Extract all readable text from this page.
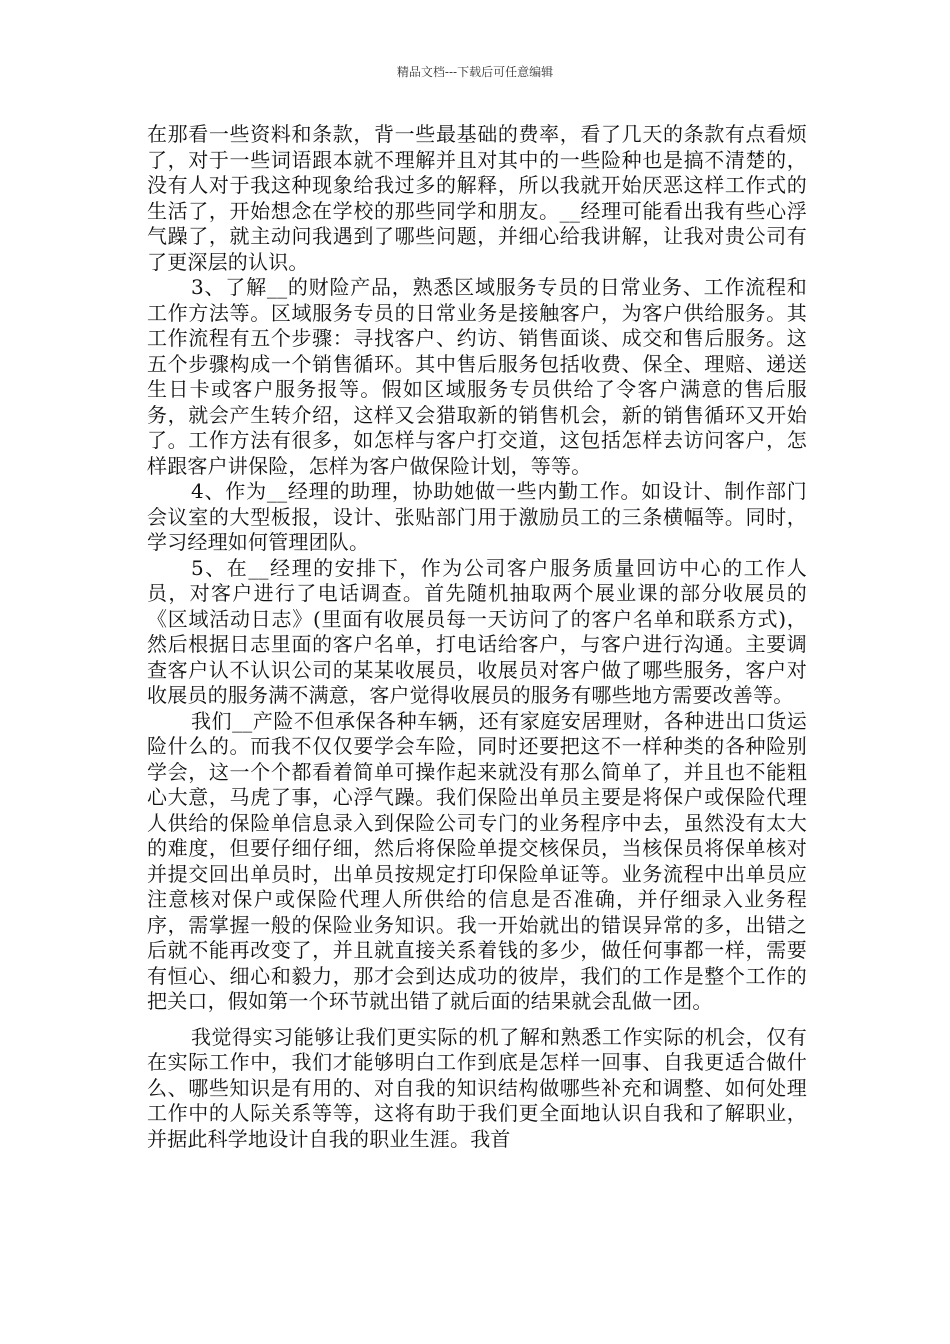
精品文档---下载后可任意编辑

在那看一些资料和条款，背一些最基础的费率，看了几天的条款有点看烦了，对于一些词语跟本就不理解并且对其中的一些险种也是搞不清楚的，没有人对于我这种现象给我过多的解释，所以我就开始厌恶这样工作式的生活了，开始想念在学校的那些同学和朋友。__经理可能看出我有些心浮气躁了，就主动问我遇到了哪些问题，并细心给我讲解，让我对贵公司有了更深层的认识。

3、了解__的财险产品，熟悉区域服务专员的日常业务、工作流程和工作方法等。区域服务专员的日常业务是接触客户，为客户供给服务。其工作流程有五个步骤：寻找客户、约访、销售面谈、成交和售后服务。这五个步骤构成一个销售循环。其中售后服务包括收费、保全、理赔、递送生日卡或客户服务报等。假如区域服务专员供给了令客户满意的售后服务，就会产生转介绍，这样又会猎取新的销售机会，新的销售循环又开始了。工作方法有很多，如怎样与客户打交道，这包括怎样去访问客户，怎样跟客户讲保险，怎样为客户做保险计划，等等。

4、作为__经理的助理，协助她做一些内勤工作。如设计、制作部门会议室的大型板报，设计、张贴部门用于激励员工的三条横幅等。同时，学习经理如何管理团队。

5、在__经理的安排下，作为公司客户服务质量回访中心的工作人员，对客户进行了电话调查。首先随机抽取两个展业课的部分收展员的《区域活动日志》(里面有收展员每一天访问了的客户名单和联系方式)，然后根据日志里面的客户名单，打电话给客户，与客户进行沟通。主要调查客户认不认识公司的某某收展员，收展员对客户做了哪些服务，客户对收展员的服务满不满意，客户觉得收展员的服务有哪些地方需要改善等。

我们__产险不但承保各种车辆，还有家庭安居理财，各种进出口货运险什么的。而我不仅仅要学会车险，同时还要把这不一样种类的各种险别学会，这一个个都看着简单可操作起来就没有那么简单了，并且也不能粗心大意，马虎了事，心浮气躁。我们保险出单员主要是将保户或保险代理人供给的保险单信息录入到保险公司专门的业务程序中去，虽然没有太大的难度，但要仔细仔细，然后将保险单提交核保员，当核保员将保单核对并提交回出单员时，出单员按规定打印保险单证等。业务流程中出单员应注意核对保户或保险代理人所供给的信息是否准确，并仔细录入业务程序，需掌握一般的保险业务知识。我一开始就出的错误异常的多，出错之后就不能再改变了，并且就直接关系着钱的多少，做任何事都一样，需要有恒心、细心和毅力，那才会到达成功的彼岸，我们的工作是整个工作的把关口，假如第一个环节就出错了就后面的结果就会乱做一团。

我觉得实习能够让我们更实际的机了解和熟悉工作实际的机会，仅有在实际工作中，我们才能够明白工作到底是怎样一回事、自我更适合做什么、哪些知识是有用的、对自我的知识结构做哪些补充和调整、如何处理工作中的人际关系等等，这将有助于我们更全面地认识自我和了解职业，并据此科学地设计自我的职业生涯。我首
